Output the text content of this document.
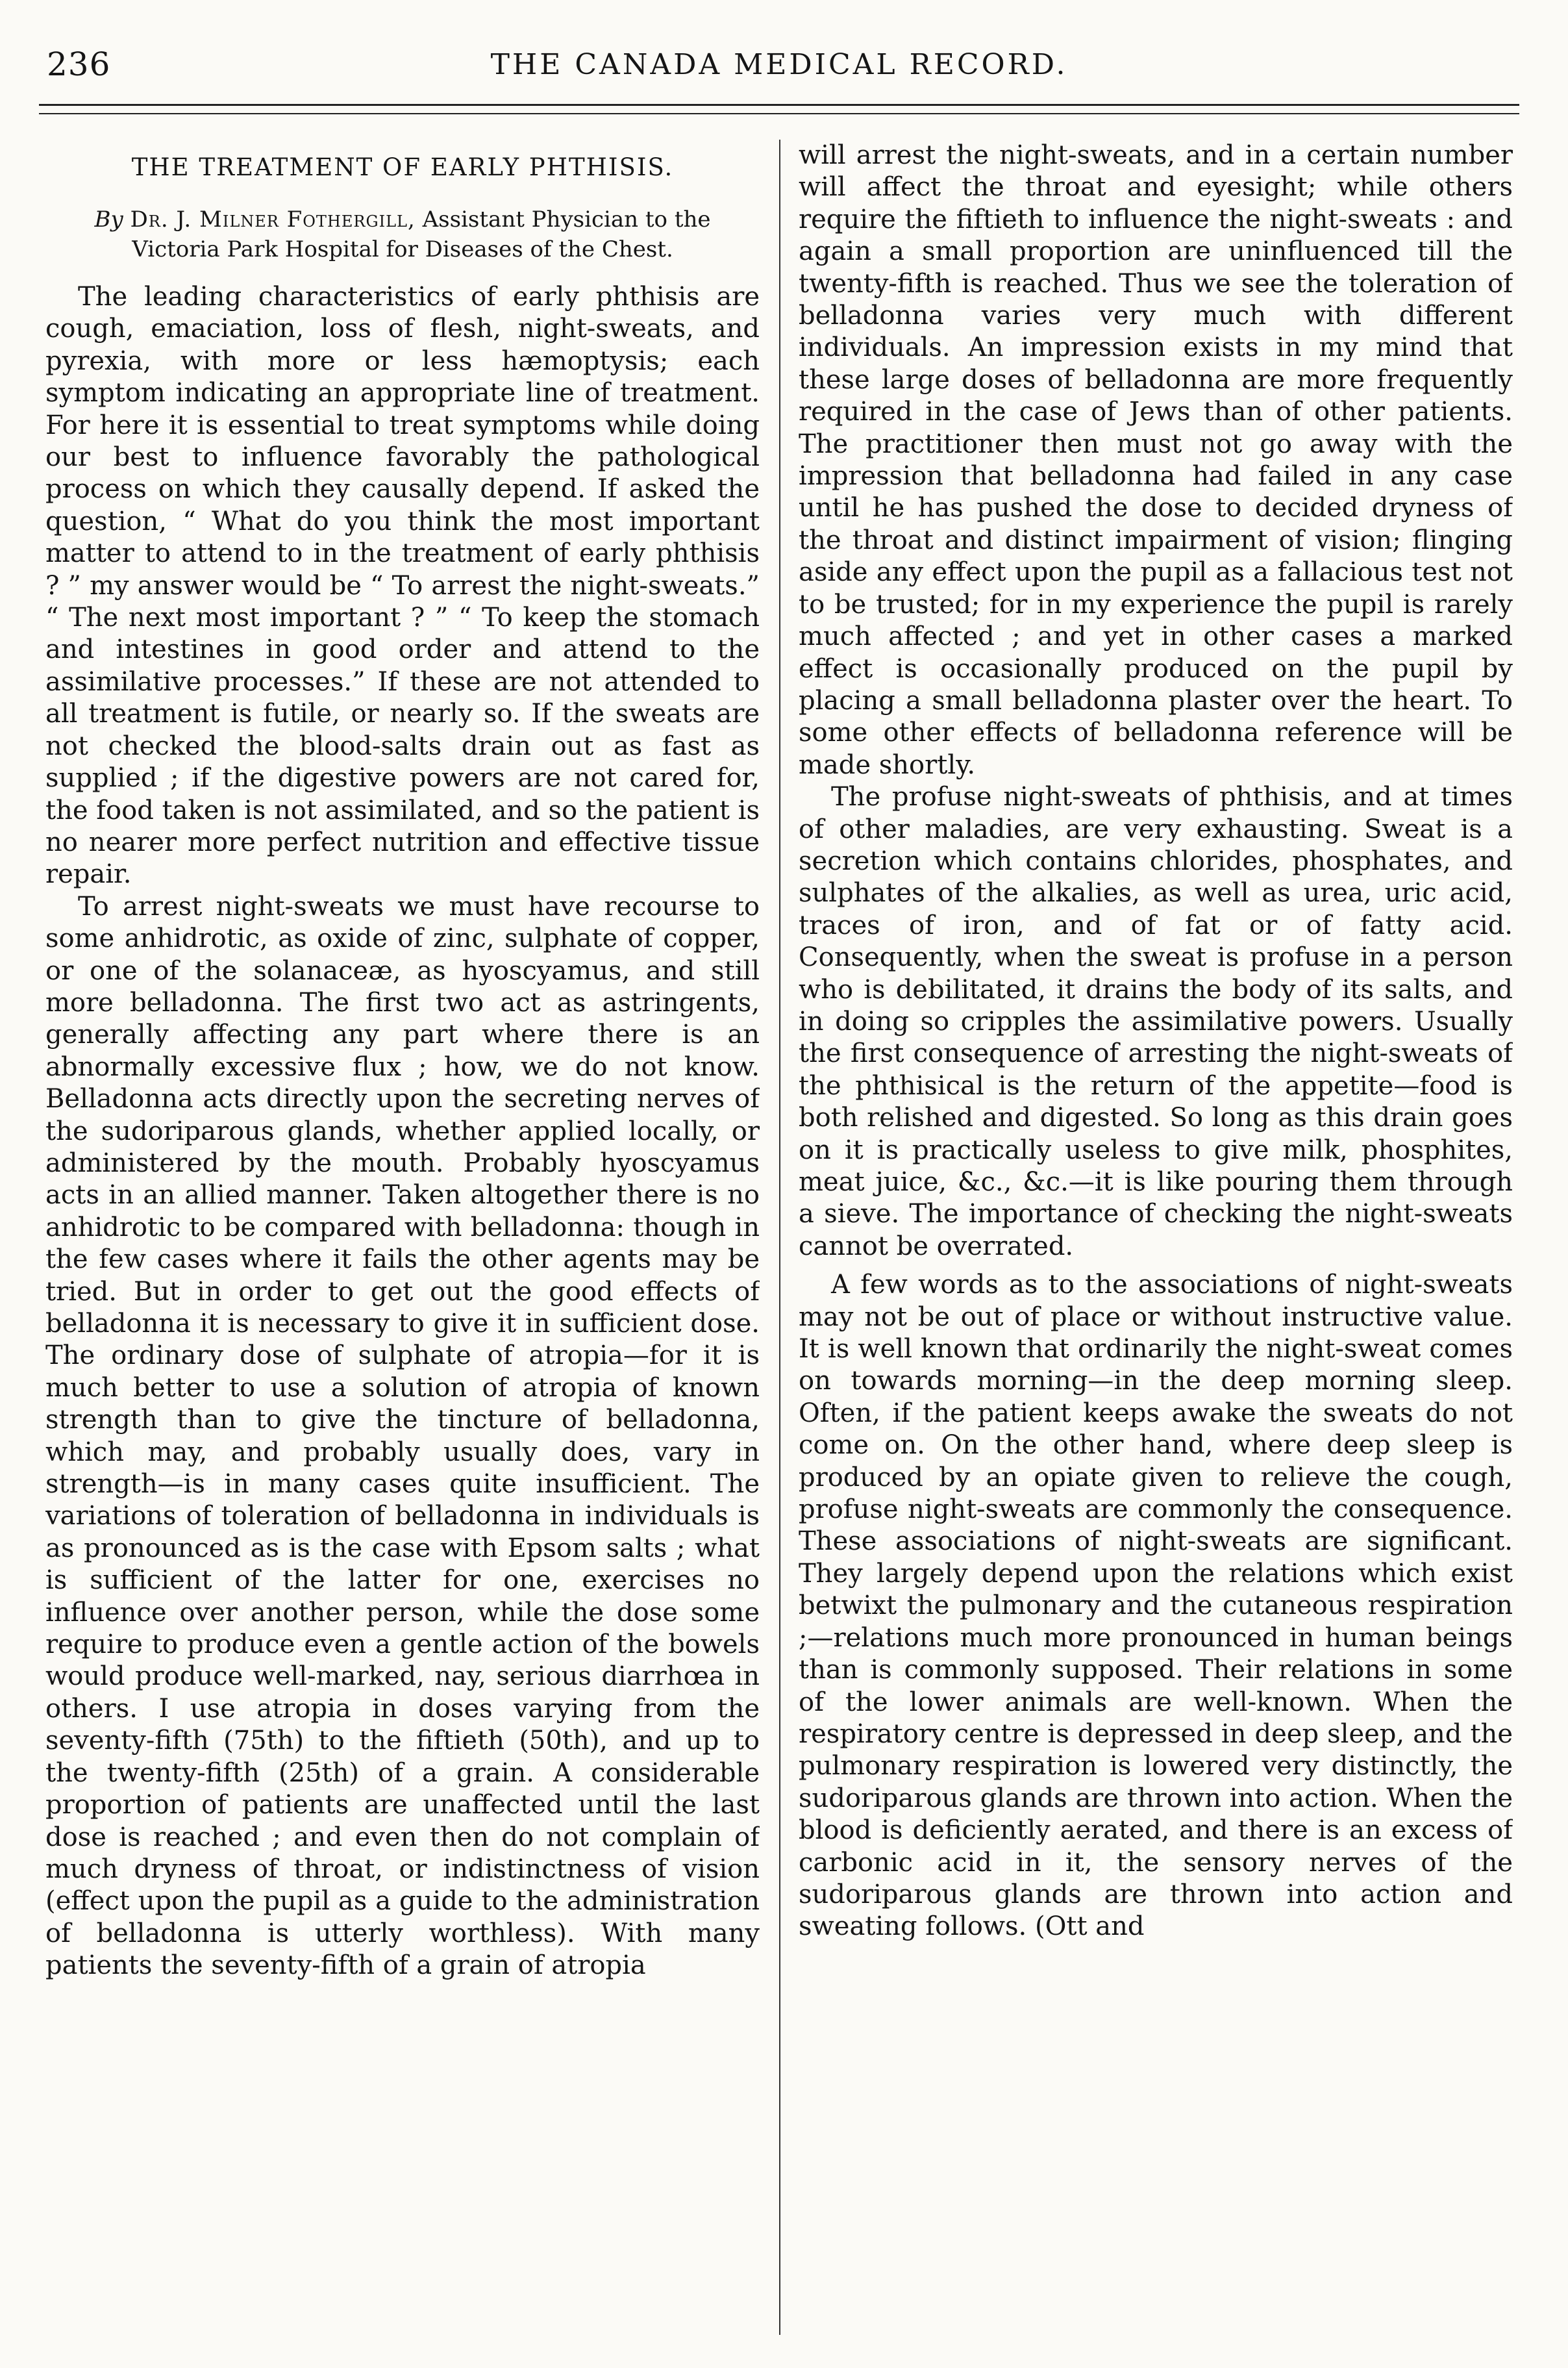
236	THE CANADA MEDICAL RECORD.
THE TREATMENT OF EARLY PHTHISIS.
By Dr. J. Milner Fothergill, Assistant Physician to the Victoria Park Hospital for Diseases of the Chest.

The leading characteristics of early phthisis are cough, emaciation, loss of flesh, night-sweats, and pyrexia, with more or less hæmoptysis; each symptom indicating an appropriate line of treatment. For here it is essential to treat symptoms while doing our best to influence favorably the pathological process on which they causally depend. If asked the question, “ What do you think the most important matter to attend to in the treatment of early phthisis ? ” my answer would be “ To arrest the night-sweats.” “ The next most important ? ” “ To keep the stomach and intestines in good order and attend to the assimilative processes.” If these are not attended to all treatment is futile, or nearly so. If the sweats are not checked the blood-salts drain out as fast as supplied ; if the digestive powers are not cared for, the food taken is not assimilated, and so the patient is no nearer more perfect nutrition and effective tissue repair.

To arrest night-sweats we must have recourse to some anhidrotic, as oxide of zinc, sulphate of copper, or one of the solanaceæ, as hyoscyamus, and still more belladonna. The first two act as astringents, generally affecting any part where there is an abnormally excessive flux ; how, we do not know. Belladonna acts directly upon the secreting nerves of the sudoriparous glands, whether applied locally, or administered by the mouth. Probably hyoscyamus acts in an allied manner. Taken altogether there is no anhidrotic to be compared with belladonna: though in the few cases where it fails the other agents may be tried. But in order to get out the good effects of belladonna it is necessary to give it in sufficient dose. The ordinary dose of sulphate of atropia—for it is much better to use a solution of atropia of known strength than to give the tincture of belladonna, which may, and probably usually does, vary in strength—is in many cases quite insufficient. The variations of toleration of belladonna in individuals is as pronounced as is the case with Epsom salts ; what is sufficient of the latter for one, exercises no influence over another person, while the dose some require to produce even a gentle action of the bowels would produce well-marked, nay, serious diarrhœa in others. I use atropia in doses varying from the seventy-fifth (75th) to the fiftieth (50th), and up to the twenty-fifth (25th) of a grain. A considerable proportion of patients are unaffected until the last dose is reached ; and even then do not complain of much dryness of throat, or indistinctness of vision (effect upon the pupil as a guide to the administration of belladonna is utterly worthless). With many patients the seventy-fifth of a grain of atropia

will arrest the night-sweats, and in a certain number will affect the throat and eyesight; while others require the fiftieth to influence the night-sweats : and again a small proportion are uninfluenced till the twenty-fifth is reached. Thus we see the toleration of belladonna varies very much with different individuals. An impression exists in my mind that these large doses of belladonna are more frequently required in the case of Jews than of other patients. The practitioner then must not go away with the impression that belladonna had failed in any case until he has pushed the dose to decided dryness of the throat and distinct impairment of vision; flinging aside any effect upon the pupil as a fallacious test not to be trusted; for in my experience the pupil is rarely much affected ; and yet in other cases a marked effect is occasionally produced on the pupil by placing a small belladonna plaster over the heart. To some other effects of belladonna reference will be made shortly.

The profuse night-sweats of phthisis, and at times of other maladies, are very exhausting. Sweat is a secretion which contains chlorides, phosphates, and sulphates of the alkalies, as well as urea, uric acid, traces of iron, and of fat or of fatty acid. Consequently, when the sweat is profuse in a person who is debilitated, it drains the body of its salts, and in doing so cripples the assimilative powers. Usually the first consequence of arresting the night-sweats of the phthisical is the return of the appetite—food is both relished and digested. So long as this drain goes on it is practically useless to give milk, phosphites, meat juice, &c., &c.—it is like pouring them through a sieve. The importance of checking the night-sweats cannot be overrated.

A few words as to the associations of night-sweats may not be out of place or without instructive value. It is well known that ordinarily the night-sweat comes on towards morning—in the deep morning sleep. Often, if the patient keeps awake the sweats do not come on. On the other hand, where deep sleep is produced by an opiate given to relieve the cough, profuse night-sweats are commonly the consequence. These associations of night-sweats are significant. They largely depend upon the relations which exist betwixt the pulmonary and the cutaneous respiration ;—relations much more pronounced in human beings than is commonly supposed. Their relations in some of the lower animals are well-known. When the respiratory centre is depressed in deep sleep, and the pulmonary respiration is lowered very distinctly, the sudoriparous glands are thrown into action. When the blood is deficiently aerated, and there is an excess of carbonic acid in it, the sensory nerves of the sudoriparous glands are thrown into action and sweating follows. (Ott and
